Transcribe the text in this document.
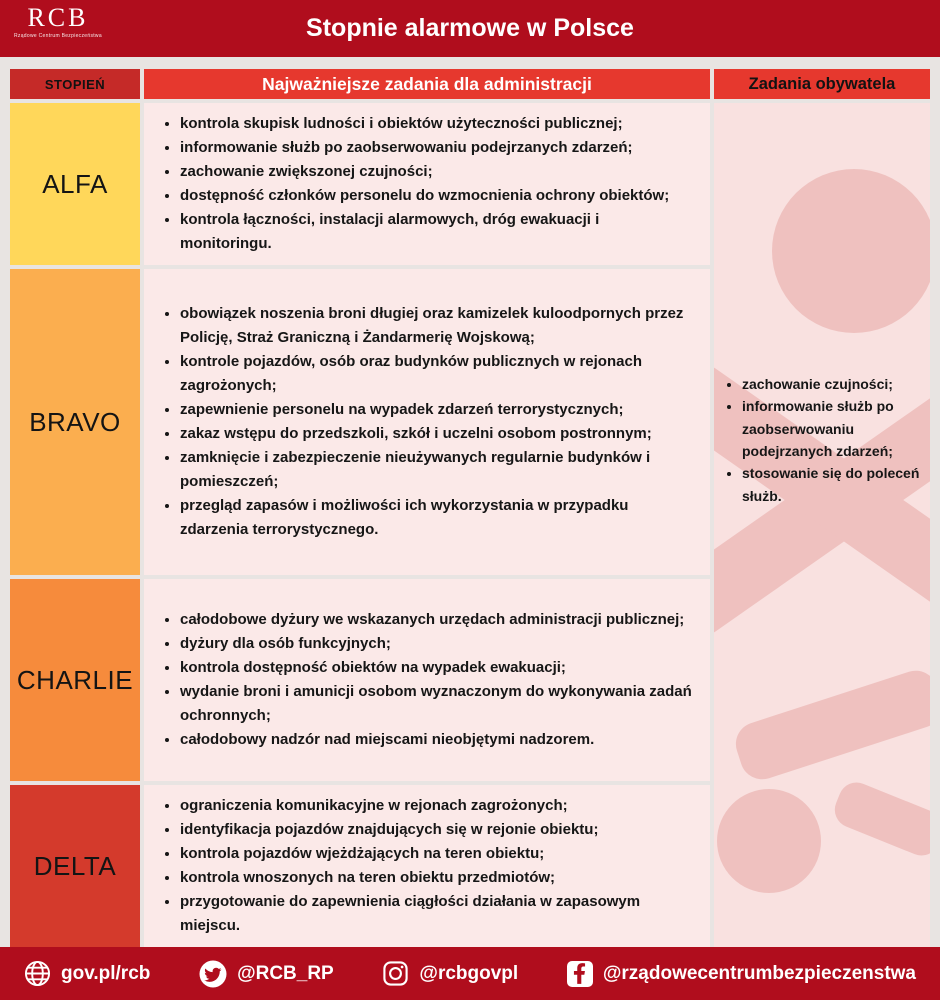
RCB
Rządowe Centrum Bezpieczeństwa	Stopnie alarmowe w Polsce
STOPIEŃ	Najważniejsze zadania dla administracji	Zadania obywatela
• zachowanie czujności;
• informowanie służb po zaobserwowaniu podejrzanych zdarzeń;
• stosowanie się do poleceń służb.
ALFA
• kontrola skupisk ludności i obiektów użyteczności publicznej;
• informowanie służb po zaobserwowaniu podejrzanych zdarzeń;
• zachowanie zwiększonej czujności;
• dostępność członków personelu do wzmocnienia ochrony obiektów;
• kontrola łączności, instalacji alarmowych, dróg ewakuacji i monitoringu.
BRAVO
• obowiązek noszenia broni długiej oraz kamizelek kuloodpornych przez Policję, Straż Graniczną i Żandarmerię Wojskową;
• kontrole pojazdów, osób oraz budynków publicznych w rejonach zagrożonych;
• zapewnienie personelu na wypadek zdarzeń terrorystycznych;
• zakaz wstępu do przedszkoli, szkół i uczelni osobom postronnym;
• zamknięcie i zabezpieczenie nieużywanych regularnie budynków i pomieszczeń;
• przegląd zapasów i możliwości ich wykorzystania w przypadku zdarzenia terrorystycznego.
CHARLIE
• całodobowe dyżury we wskazanych urzędach administracji publicznej;
• dyżury dla osób funkcyjnych;
• kontrola dostępność obiektów na wypadek ewakuacji;
• wydanie broni i amunicji osobom wyznaczonym do wykonywania zadań ochronnych;
• całodobowy nadzór nad miejscami nieobjętymi nadzorem.
DELTA
• ograniczenia komunikacyjne w rejonach zagrożonych;
• identyfikacja pojazdów znajdujących się w rejonie obiektu;
• kontrola pojazdów wjeżdżających na teren obiektu;
• kontrola wnoszonych na teren obiektu przedmiotów;
• przygotowanie do zapewnienia ciągłości działania w zapasowym miejscu.
gov.pl/rcb	@RCB_RP	@rcbgovpl	@rządowecentrumbezpieczenstwa
